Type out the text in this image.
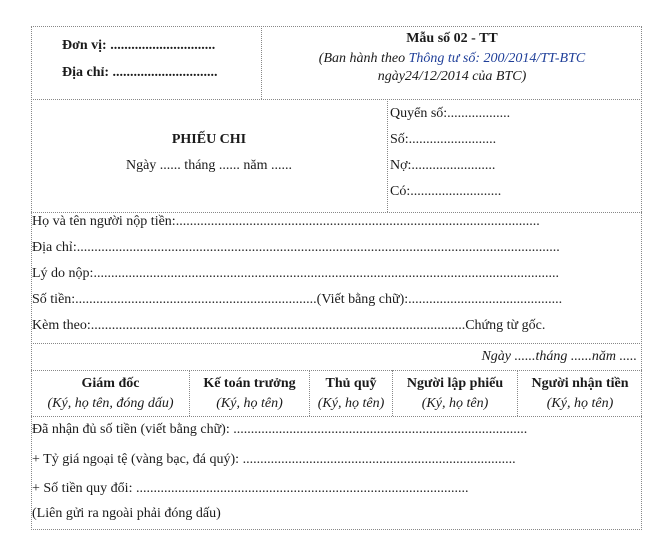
Đơn vị: ..............................
Địa chỉ: ..............................
Mẫu số 02 - TT
(Ban hành theo Thông tư số: 200/2014/TT-BTC
ngày24/12/2014 của BTC)
PHIẾU CHI
Ngày ...... tháng ...... năm ......
Quyển số:..................
Số:.........................
Nợ:........................
Có:..........................
Họ và tên người nộp tiền:........................................................................................................
Địa chỉ:..........................................................................................................................................
Lý do nộp:.....................................................................................................................................
Số tiền:.....................................................................(Viết bằng chữ):............................................
Kèm theo:...........................................................................................................Chứng từ gốc.
Ngày ......tháng ......năm .....
Giám đốc
(Ký, họ tên, đóng dấu)
Kế toán trưởng
(Ký, họ tên)
Thủ quỹ
(Ký, họ tên)
Người lập phiếu
(Ký, họ tên)
Người nhận tiền
(Ký, họ tên)
Đã nhận đủ số tiền (viết bằng chữ): ....................................................................................
+ Tỷ giá ngoại tệ (vàng bạc, đá quý): ..............................................................................
+ Số tiền quy đổi: ...............................................................................................
(Liên gửi ra ngoài phải đóng dấu)
